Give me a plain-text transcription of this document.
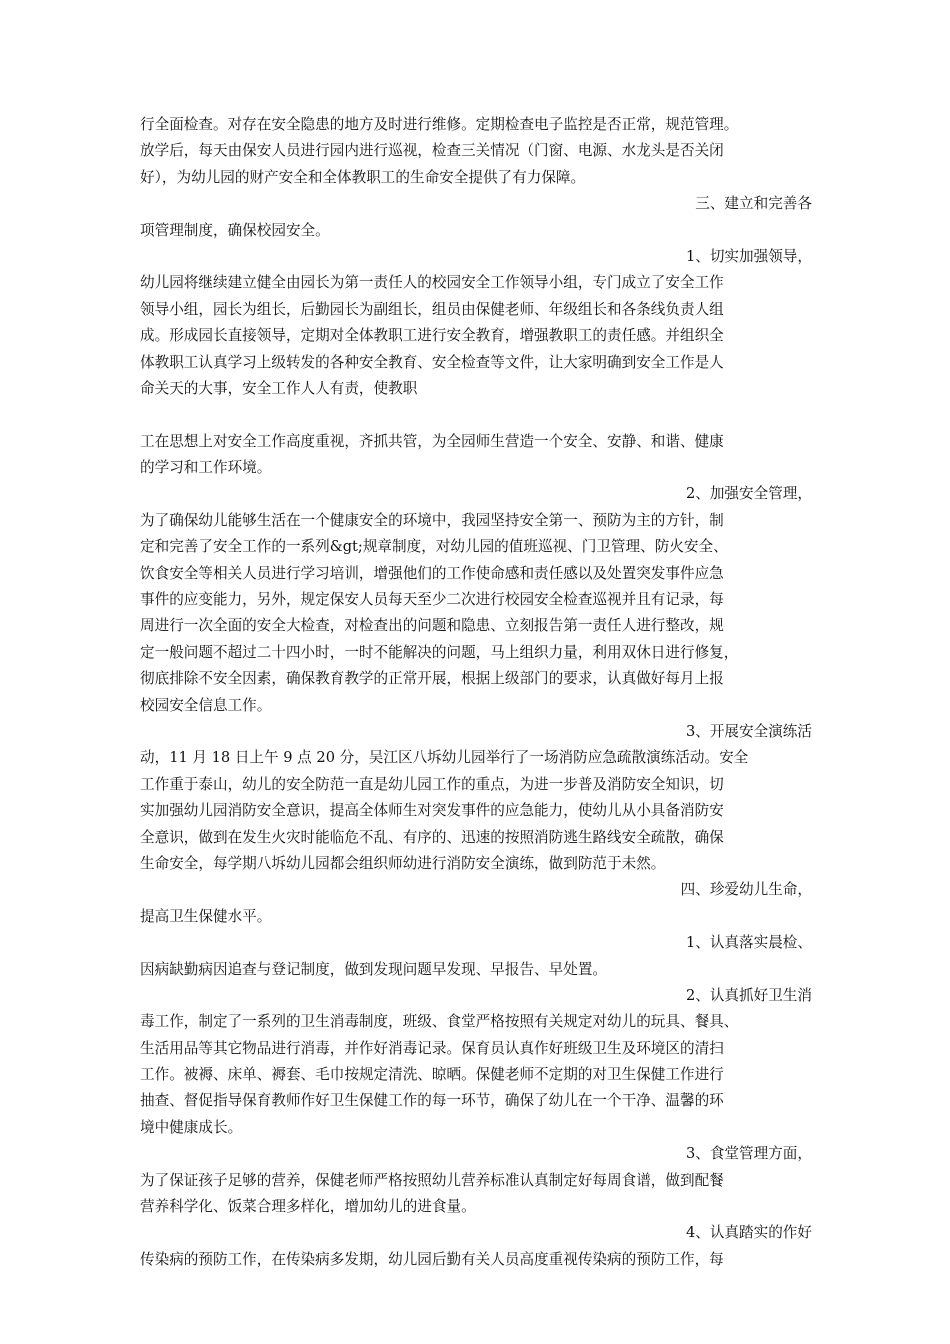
行全面检查。对存在安全隐患的地方及时进行维修。定期检查电子监控是否正常，规范管理。
放学后，每天由保安人员进行园内进行巡视，检查三关情况（门窗、电源、水龙头是否关闭
好），为幼儿园的财产安全和全体教职工的生命安全提供了有力保障。
三、建立和完善各
项管理制度，确保校园安全。
1、切实加强领导，
幼儿园将继续建立健全由园长为第一责任人的校园安全工作领导小组，专门成立了安全工作
领导小组，园长为组长，后勤园长为副组长，组员由保健老师、年级组长和各条线负责人组
成。形成园长直接领导，定期对全体教职工进行安全教育，增强教职工的责任感。并组织全
体教职工认真学习上级转发的各种安全教育、安全检查等文件，让大家明确到安全工作是人
命关天的大事，安全工作人人有责，使教职
工在思想上对安全工作高度重视，齐抓共管，为全园师生营造一个安全、安静、和谐、健康
的学习和工作环境。
2、加强安全管理，
为了确保幼儿能够生活在一个健康安全的环境中，我园坚持安全第一、预防为主的方针，制
定和完善了安全工作的一系列&gt;规章制度，对幼儿园的值班巡视、门卫管理、防火安全、
饮食安全等相关人员进行学习培训，增强他们的工作使命感和责任感以及处置突发事件应急
事件的应变能力，另外，规定保安人员每天至少二次进行校园安全检查巡视并且有记录，每
周进行一次全面的安全大检查，对检查出的问题和隐患、立刻报告第一责任人进行整改，规
定一般问题不超过二十四小时，一时不能解决的问题，马上组织力量，利用双休日进行修复，
彻底排除不安全因素，确保教育教学的正常开展，根据上级部门的要求，认真做好每月上报
校园安全信息工作。
3、开展安全演练活
动，11 月 18 日上午 9 点 20 分，吴江区八坼幼儿园举行了一场消防应急疏散演练活动。安全
工作重于泰山，幼儿的安全防范一直是幼儿园工作的重点，为进一步普及消防安全知识，切
实加强幼儿园消防安全意识，提高全体师生对突发事件的应急能力，使幼儿从小具备消防安
全意识，做到在发生火灾时能临危不乱、有序的、迅速的按照消防逃生路线安全疏散，确保
生命安全，每学期八坼幼儿园都会组织师幼进行消防安全演练，做到防范于未然。
四、珍爱幼儿生命，
提高卫生保健水平。
1、认真落实晨检、
因病缺勤病因追查与登记制度，做到发现问题早发现、早报告、早处置。
2、认真抓好卫生消
毒工作，制定了一系列的卫生消毒制度，班级、食堂严格按照有关规定对幼儿的玩具、餐具、
生活用品等其它物品进行消毒，并作好消毒记录。保育员认真作好班级卫生及环境区的清扫
工作。被褥、床单、褥套、毛巾按规定清洗、晾晒。保健老师不定期的对卫生保健工作进行
抽查、督促指导保育教师作好卫生保健工作的每一环节，确保了幼儿在一个干净、温馨的环
境中健康成长。
3、食堂管理方面，
为了保证孩子足够的营养，保健老师严格按照幼儿营养标准认真制定好每周食谱，做到配餐
营养科学化、饭菜合理多样化，增加幼儿的进食量。
4、认真踏实的作好
传染病的预防工作，在传染病多发期，幼儿园后勤有关人员高度重视传染病的预防工作，每
